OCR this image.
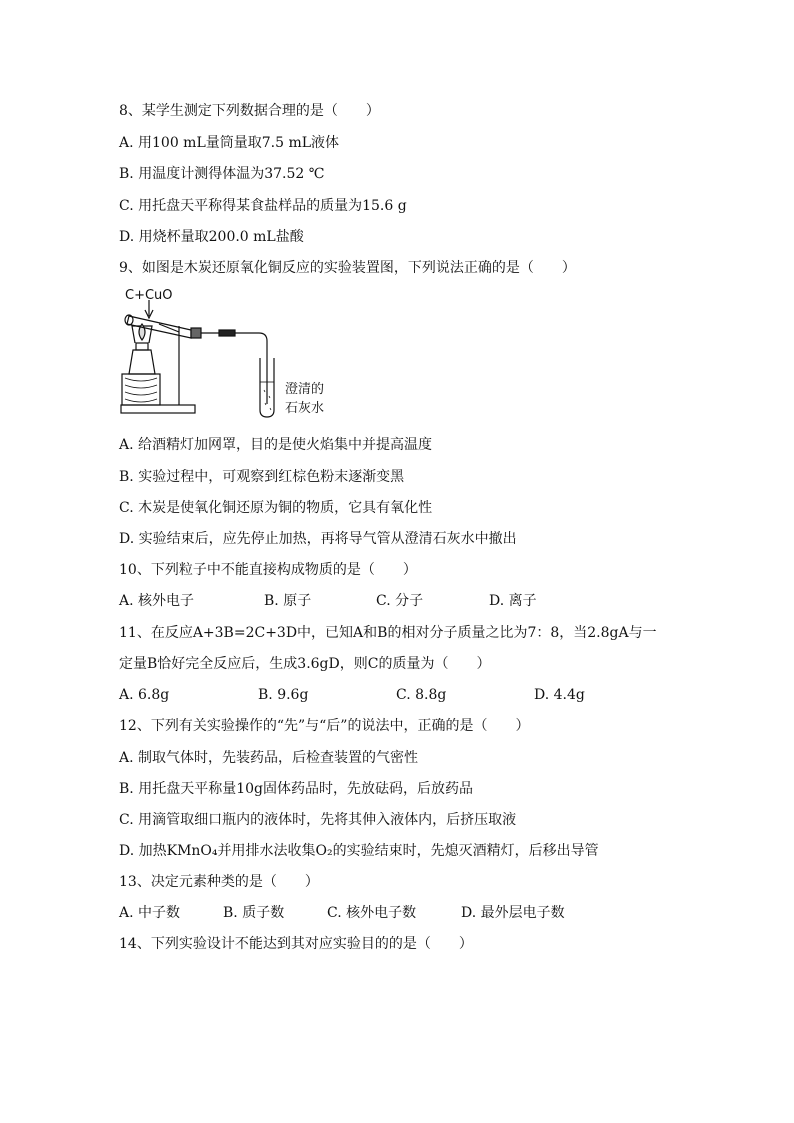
8、某学生测定下列数据合理的是（　　）
A. 用100 mL量筒量取7.5 mL液体
B. 用温度计测得体温为37.52 ℃
C. 用托盘天平称得某食盐样品的质量为15.6 g
D. 用烧杯量取200.0 mL盐酸
9、如图是木炭还原氧化铜反应的实验装置图，下列说法正确的是（　　）
C+CuO
澄清的
石灰水
A. 给酒精灯加网罩，目的是使火焰集中并提高温度
B. 实验过程中，可观察到红棕色粉末逐渐变黑
C. 木炭是使氧化铜还原为铜的物质，它具有氧化性
D. 实验结束后，应先停止加热，再将导气管从澄清石灰水中撤出
10、下列粒子中不能直接构成物质的是（　　）
A. 核外电子	B. 原子	C. 分子	D. 离子
11、在反应A+3B=2C+3D中，已知A和B的相对分子质量之比为7：8，当2.8gA与一
定量B恰好完全反应后，生成3.6gD，则C的质量为（　　）
A. 6.8g	B. 9.6g	C. 8.8g	D. 4.4g
12、下列有关实验操作的“先”与“后”的说法中，正确的是（　　）
A. 制取气体时，先装药品，后检查装置的气密性
B. 用托盘天平称量10g固体药品时，先放砝码，后放药品
C. 用滴管取细口瓶内的液体时，先将其伸入液体内，后挤压取液
D. 加热KMnO₄并用排水法收集O₂的实验结束时，先熄灭酒精灯，后移出导管
13、决定元素种类的是（　　）
A. 中子数	B. 质子数	C. 核外电子数	D. 最外层电子数
14、下列实验设计不能达到其对应实验目的的是（　　）
